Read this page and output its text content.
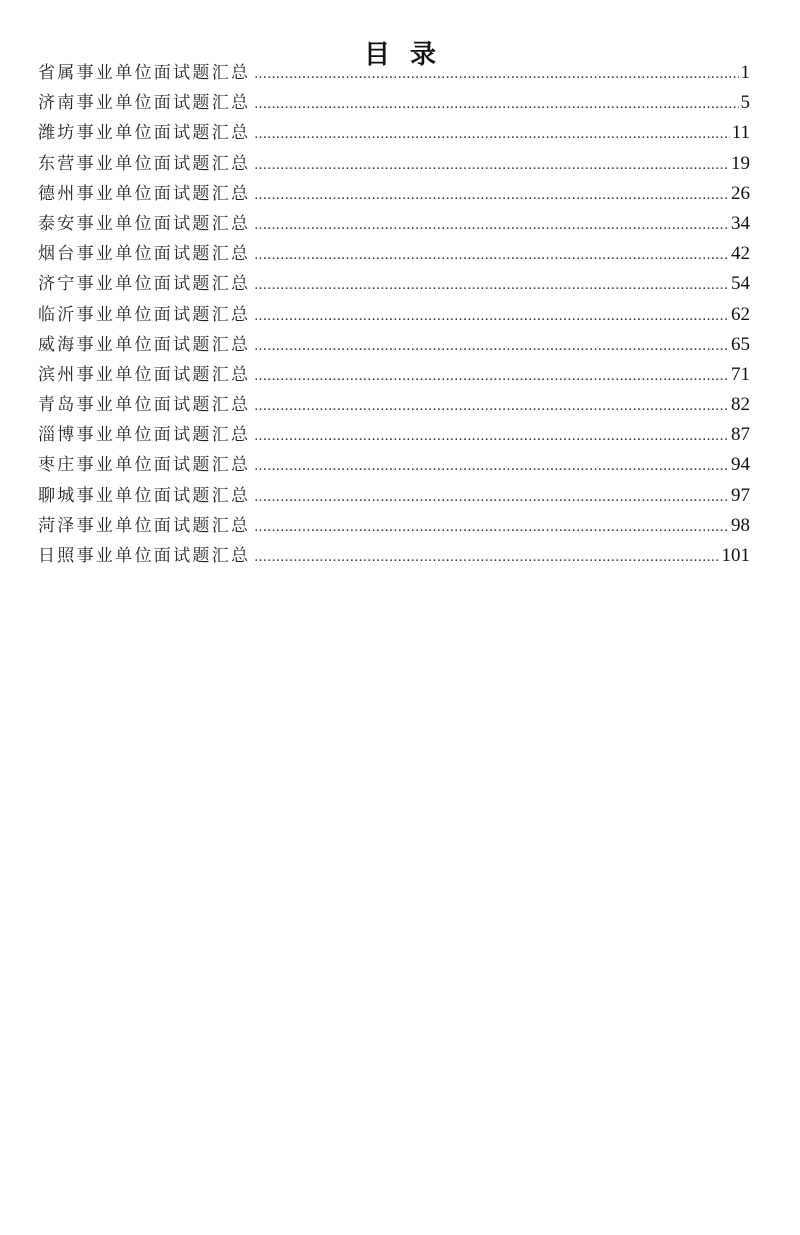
目录
省属事业单位面试题汇总 .....	1
济南事业单位面试题汇总 .....	5
潍坊事业单位面试题汇总 .....	11
东营事业单位面试题汇总 .....	19
德州事业单位面试题汇总 .....	26
泰安事业单位面试题汇总 .....	34
烟台事业单位面试题汇总 .....	42
济宁事业单位面试题汇总 .....	54
临沂事业单位面试题汇总 .....	62
威海事业单位面试题汇总 .....	65
滨州事业单位面试题汇总 .....	71
青岛事业单位面试题汇总 .....	82
淄博事业单位面试题汇总 .....	87
枣庄事业单位面试题汇总 .....	94
聊城事业单位面试题汇总 .....	97
菏泽事业单位面试题汇总 .....	98
日照事业单位面试题汇总 .....	101
